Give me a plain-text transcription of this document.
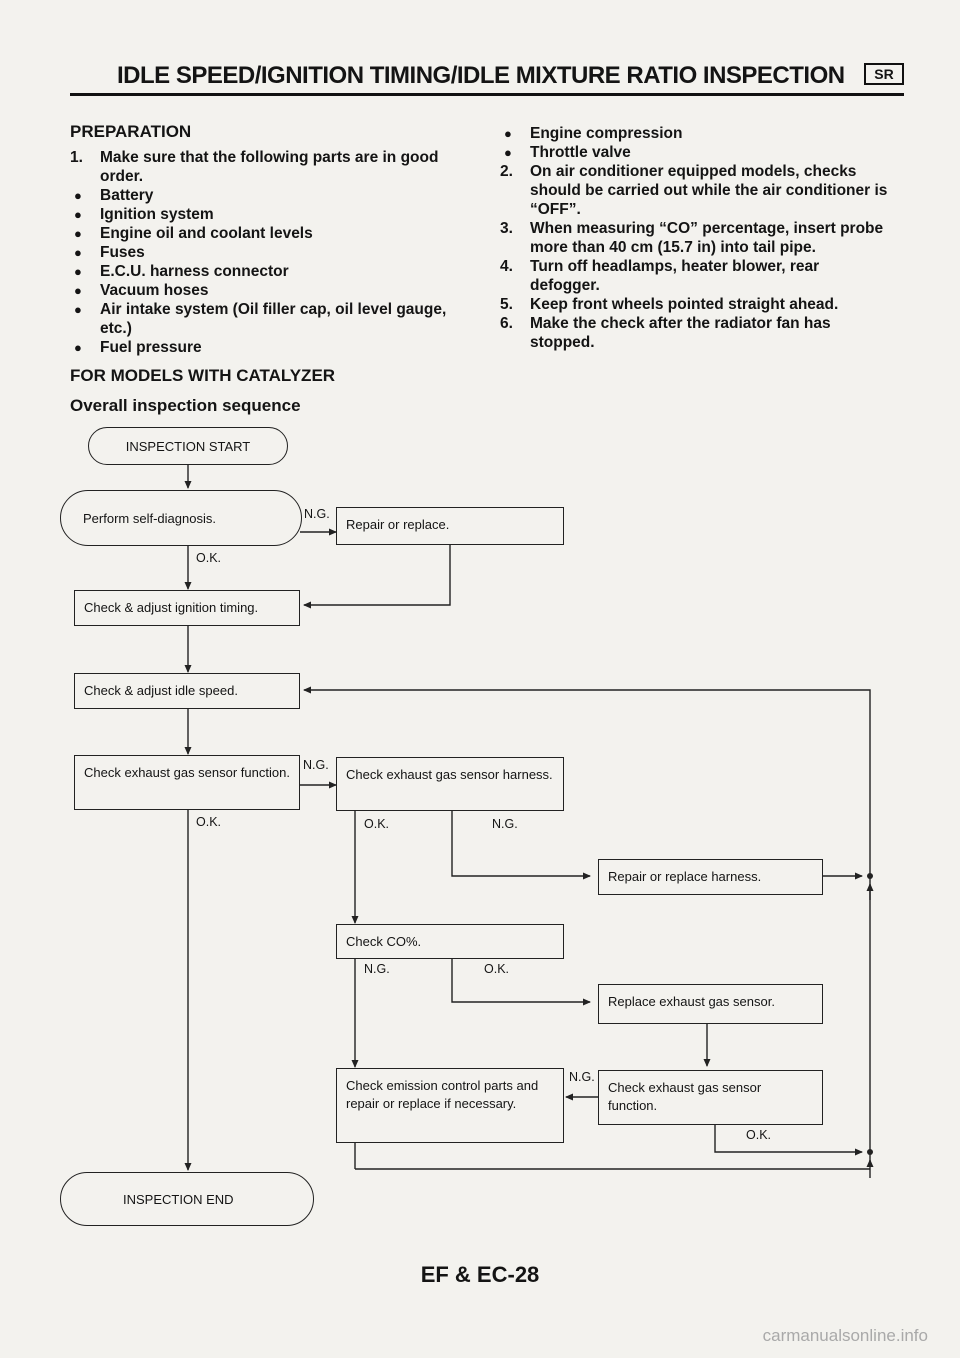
IDLE SPEED/IGNITION TIMING/IDLE MIXTURE RATIO INSPECTION	SR
PREPARATION
1. Make sure that the following parts are in good order.
● Battery
● Ignition system
● Engine oil and coolant levels
● Fuses
● E.C.U. harness connector
● Vacuum hoses
● Air intake system (Oil filler cap, oil level gauge, etc.)
● Fuel pressure
FOR MODELS WITH CATALYZER
Overall inspection sequence
● Engine compression
● Throttle valve
2. On air conditioner equipped models, checks should be carried out while the air conditioner is “OFF”.
3. When measuring “CO” percentage, insert probe more than 40 cm (15.7 in) into tail pipe.
4. Turn off headlamps, heater blower, rear defogger.
5. Keep front wheels pointed straight ahead.
6. Make the check after the radiator fan has stopped.
INSPECTION START
Perform self-diagnosis.	N.G.
O.K.
Repair or replace.
Check & adjust ignition timing.
Check & adjust idle speed.
Check exhaust gas sensor function.	N.G.
O.K.
Check exhaust gas sensor harness.
O.K.	N.G.
Repair or replace harness.
Check CO%.
N.G.	O.K.
Replace exhaust gas sensor.
Check emission control parts and repair or replace if necessary.
N.G.
Check exhaust gas sensor function.
O.K.
INSPECTION END
EF & EC-28
carmanualsonline.info
